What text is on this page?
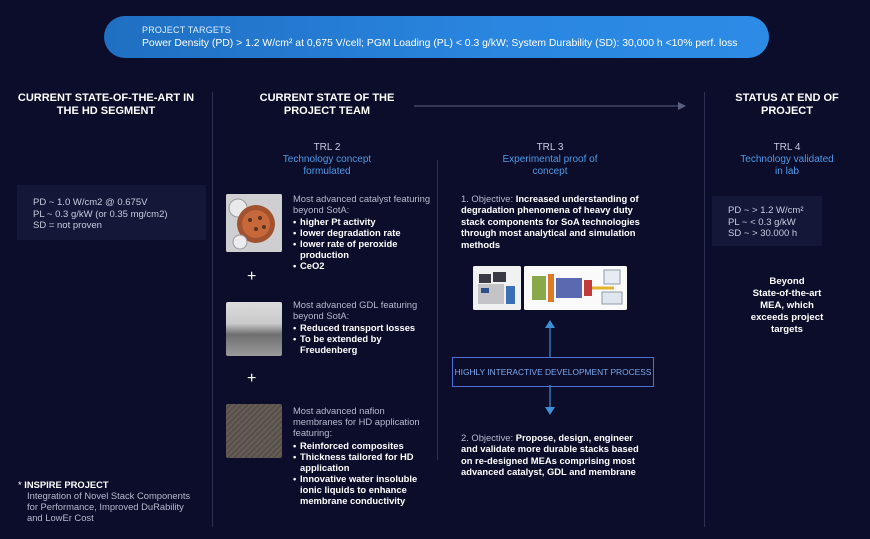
PROJECT TARGETS
Power Density (PD) > 1.2 W/cm² at 0,675 V/cell; PGM Loading (PL) < 0.3 g/kW; System Durability (SD): 30,000 h <10% perf. loss
CURRENT STATE-OF-THE-ART IN
THE HD SEGMENT
PD ~ 1.0 W/cm2 @ 0.675V
PL ~ 0.3 g/kW (or 0.35 mg/cm2)
SD = not proven
* INSPIRE PROJECT
Integration of Novel Stack Components
for Performance, Improved DuRability
and LowEr Cost
CURRENT STATE OF THE
PROJECT TEAM
TRL 2
Technology concept
formulated
Most advanced catalyst featuring
beyond SotA:
• higher Pt activity
• lower degradation rate
• lower rate of peroxide production
• CeO2
+
Most advanced GDL featuring
beyond SotA:
• Reduced transport losses
• To be extended by Freudenberg
+
Most advanced nafion
membranes for HD application featuring:
• Reinforced composites
• Thickness tailored for HD application
• Innovative water insoluble ionic liquids to enhance membrane conductivity
TRL 3
Experimental proof of
concept
1. Objective: Increased understanding of degradation phenomena of heavy duty stack components for SoA technologies through most analytical and simulation methods
HIGHLY INTERACTIVE DEVELOPMENT PROCESS
2. Objective: Propose, design, engineer and validate more durable stacks based on re-designed MEAs comprising most advanced catalyst, GDL and membrane
STATUS AT END OF
PROJECT
TRL 4
Technology validated
in lab
PD ~ > 1.2 W/cm²
PL ~ < 0.3 g/kW
SD ~ > 30.000 h
Beyond
State-of-the-art
MEA, which
exceeds project
targets
